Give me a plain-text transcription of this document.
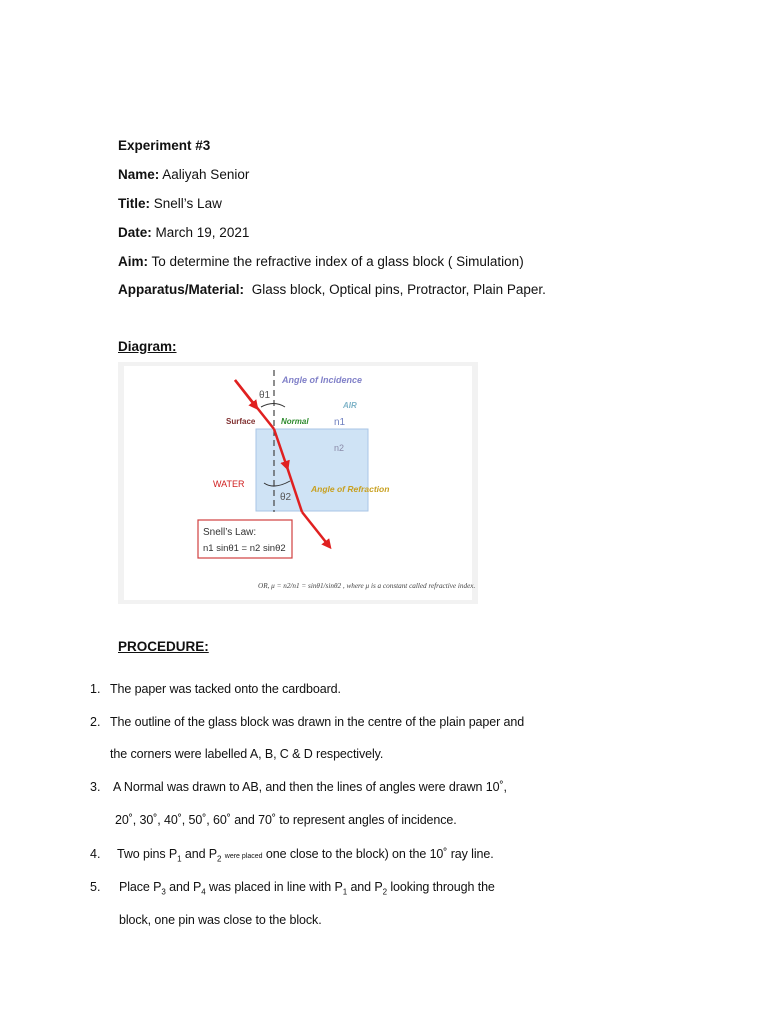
Experiment #3
Name: Aaliyah Senior
Title: Snell’s Law
Date: March 19, 2021
Aim: To determine the refractive index of a glass block ( Simulation)
Apparatus/Material: Glass block, Optical pins, Protractor, Plain Paper.
Diagram:
Angle of Incidence
θ1
AIR
Surface	Normal	n1
n2
WATER
θ2
Angle of Refraction
Snell’s Law:
n1 sinθ1 = n2 sinθ2
OR, μ = n2/n1 = sinθ1/sinθ2 , where μ is a constant called refractive index.
PROCEDURE:
1. The paper was tacked onto the cardboard.
2. The outline of the glass block was drawn in the centre of the plain paper and
the corners were labelled A, B, C & D respectively.
3. A Normal was drawn to AB, and then the lines of angles were drawn 10˚,
20˚, 30˚, 40˚, 50˚, 60˚ and 70˚ to represent angles of incidence.
4. Two pins $P_1$ and $P_2$ were placed one close to the block) on the 10˚ ray line.
5. Place $P_3$ and $P_4$ was placed in line with $P_1$ and $P_2$ looking through the
block, one pin was close to the block.
